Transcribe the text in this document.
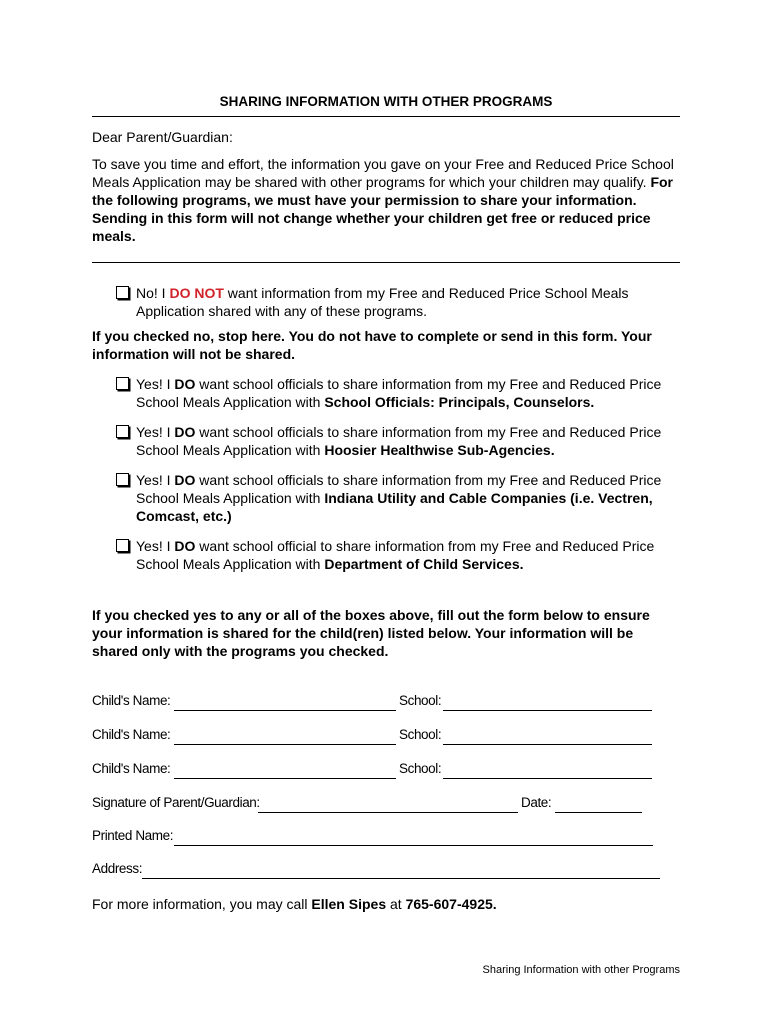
SHARING INFORMATION WITH OTHER PROGRAMS
Dear Parent/Guardian:
To save you time and effort, the information you gave on your Free and Reduced Price School Meals Application may be shared with other programs for which your children may qualify. For the following programs, we must have your permission to share your information. Sending in this form will not change whether your children get free or reduced price meals.
No! I DO NOT want information from my Free and Reduced Price School Meals
Application shared with any of these programs.
If you checked no, stop here. You do not have to complete or send in this form. Your information will not be shared.
Yes! I DO want school officials to share information from my Free and Reduced Price
School Meals Application with School Officials: Principals, Counselors.
Yes! I DO want school officials to share information from my Free and Reduced Price
School Meals Application with Hoosier Healthwise Sub-Agencies.
Yes! I DO want school officials to share information from my Free and Reduced Price
School Meals Application with Indiana Utility and Cable Companies (i.e. Vectren,
Comcast, etc.)
Yes! I DO want school official to share information from my Free and Reduced Price
School Meals Application with Department of Child Services.
If you checked yes to any or all of the boxes above, fill out the form below to ensure your information is shared for the child(ren) listed below. Your information will be shared only with the programs you checked.
Child's Name:	School:
Child's Name:	School:
Child's Name:	School:
Signature of Parent/Guardian:	Date:
Printed Name:
Address:
For more information, you may call Ellen Sipes at 765-607-4925.
Sharing Information with other Programs
